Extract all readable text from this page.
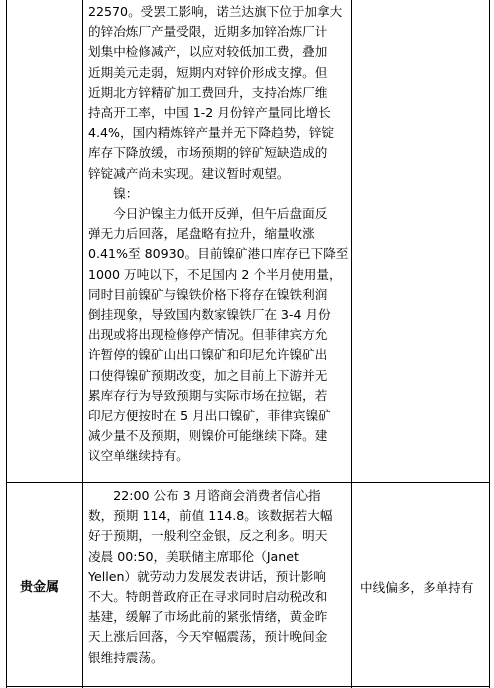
22570。受罢工影响，诺兰达旗下位于加拿大
的锌冶炼厂产量受限，近期多加锌冶炼厂计
划集中检修减产，以应对较低加工费，叠加
近期美元走弱，短期内对锌价形成支撑。但
近期北方锌精矿加工费回升，支持冶炼厂维
持高开工率，中国 1-2 月份锌产量同比增长
4.4%，国内精炼锌产量并无下降趋势，锌锭
库存下降放缓，市场预期的锌矿短缺造成的
锌锭减产尚未实现。建议暂时观望。
镍：
今日沪镍主力低开反弹，但午后盘面反
弹无力后回落，尾盘略有拉升，缩量收涨
0.41%至 80930。目前镍矿港口库存已下降至
1000 万吨以下，不足国内 2 个半月使用量，
同时目前镍矿与镍铁价格下将存在镍铁利润
倒挂现象，导致国内数家镍铁厂在 3-4 月份
出现或将出现检修停产情况。但菲律宾方允
许暂停的镍矿山出口镍矿和印尼允许镍矿出
口使得镍矿预期改变，加之目前上下游并无
累库存行为导致预期与实际市场在拉锯，若
印尼方便按时在 5 月出口镍矿，菲律宾镍矿
减少量不及预期，则镍价可能继续下降。建
议空单继续持有。
贵金属
22:00 公布 3 月谘商会消费者信心指
数，预期 114，前值 114.8。该数据若大幅
好于预期，一般利空金银，反之利多。明天
凌晨 00:50，美联储主席耶伦（Janet
Yellen）就劳动力发展发表讲话，预计影响
不大。特朗普政府正在寻求同时启动税改和
基建，缓解了市场此前的紧张情绪，黄金昨
天上涨后回落，今天窄幅震荡，预计晚间金
银维持震荡。
中线偏多，多单持有
